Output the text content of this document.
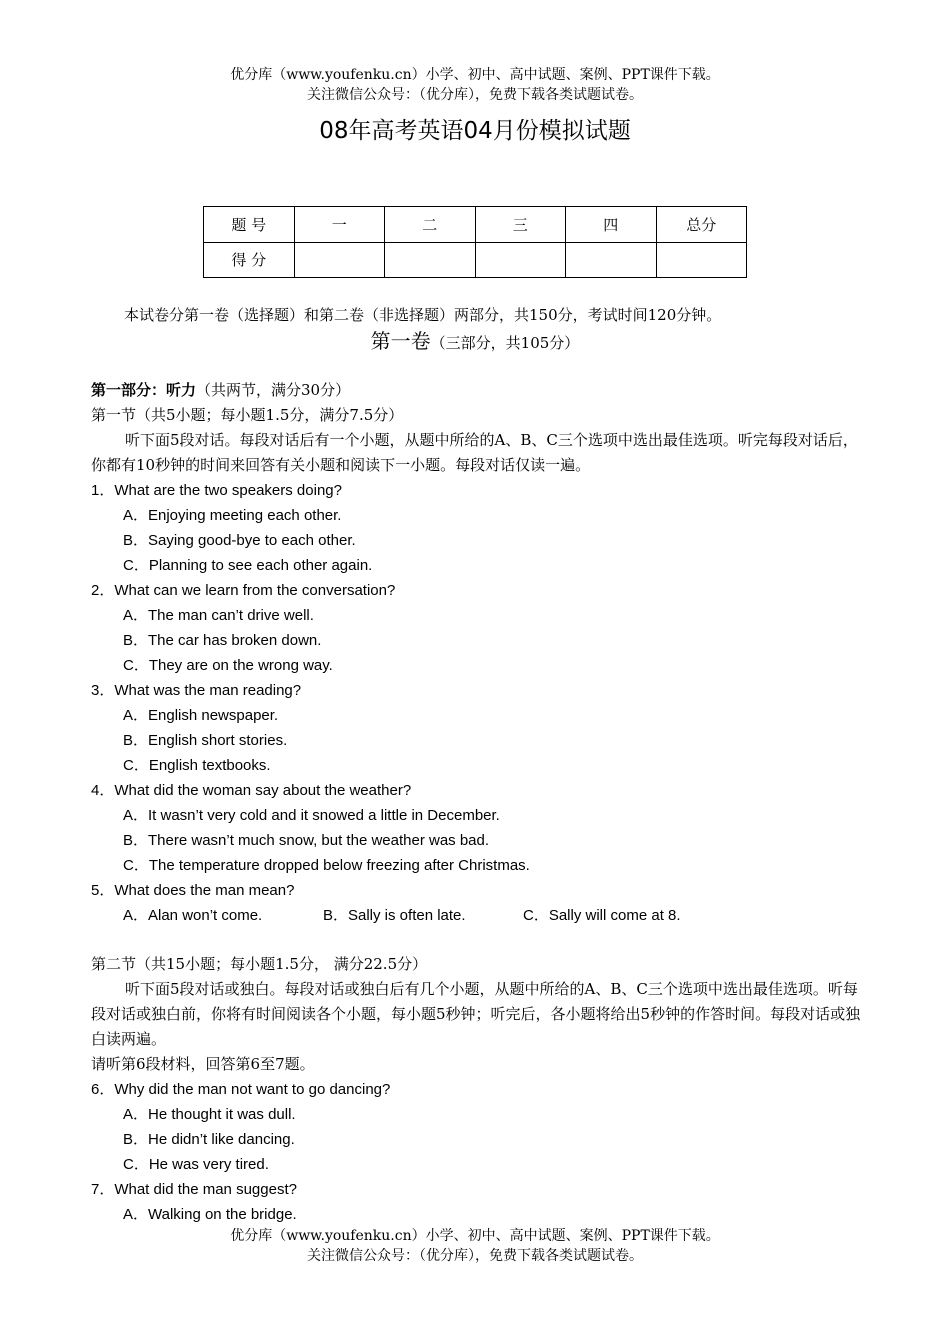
优分库（www.youfenku.cn）小学、初中、高中试题、案例、PPT课件下载。
关注微信公众号：（优分库），免费下载各类试题试卷。
08年高考英语04月份模拟试题
题 号	一	二	三	四	总分
得 分					
本试卷分第一卷（选择题）和第二卷（非选择题）两部分，共150分，考试时间120分钟。
第一卷（三部分，共105分）

第一部分：听力（共两节，满分30分）

第一节（共5小题；每小题1.5分，满分7.5分）

听下面5段对话。每段对话后有一个小题，从题中所给的A、B、C三个选项中选出最佳选项。听完每段对话后，你都有10秒钟的时间来回答有关小题和阅读下一小题。每段对话仅读一遍。

1．What are the two speakers doing?

A．Enjoying meeting each other.

B．Saying good-bye to each other.

C．Planning to see each other again.

2．What can we learn from the conversation?

A．The man can’t drive well.

B．The car has broken down.

C．They are on the wrong way.

3．What was the man reading?

A．English newspaper.

B．English short stories.

C．English textbooks.

4．What did the woman say about the weather?

A．It wasn’t very cold and it snowed a little in December.

B．There wasn’t much snow, but the weather was bad.

C．The temperature dropped below freezing after Christmas.

5．What does the man mean?

A．Alan won’t come.	B．Sally is often late.	C．Sally will come at 8.

第二节（共15小题；每小题1.5分， 满分22.5分）

听下面5段对话或独白。每段对话或独白后有几个小题，从题中所给的A、B、C三个选项中选出最佳选项。听每段对话或独白前，你将有时间阅读各个小题，每小题5秒钟；听完后，各小题将给出5秒钟的作答时间。每段对话或独白读两遍。

请听第6段材料，回答第6至7题。

6．Why did the man not want to go dancing?

A．He thought it was dull.

B．He didn’t like dancing.

C．He was very tired.

7．What did the man suggest?

A．Walking on the bridge.

优分库（www.youfenku.cn）小学、初中、高中试题、案例、PPT课件下载。
关注微信公众号：（优分库），免费下载各类试题试卷。
